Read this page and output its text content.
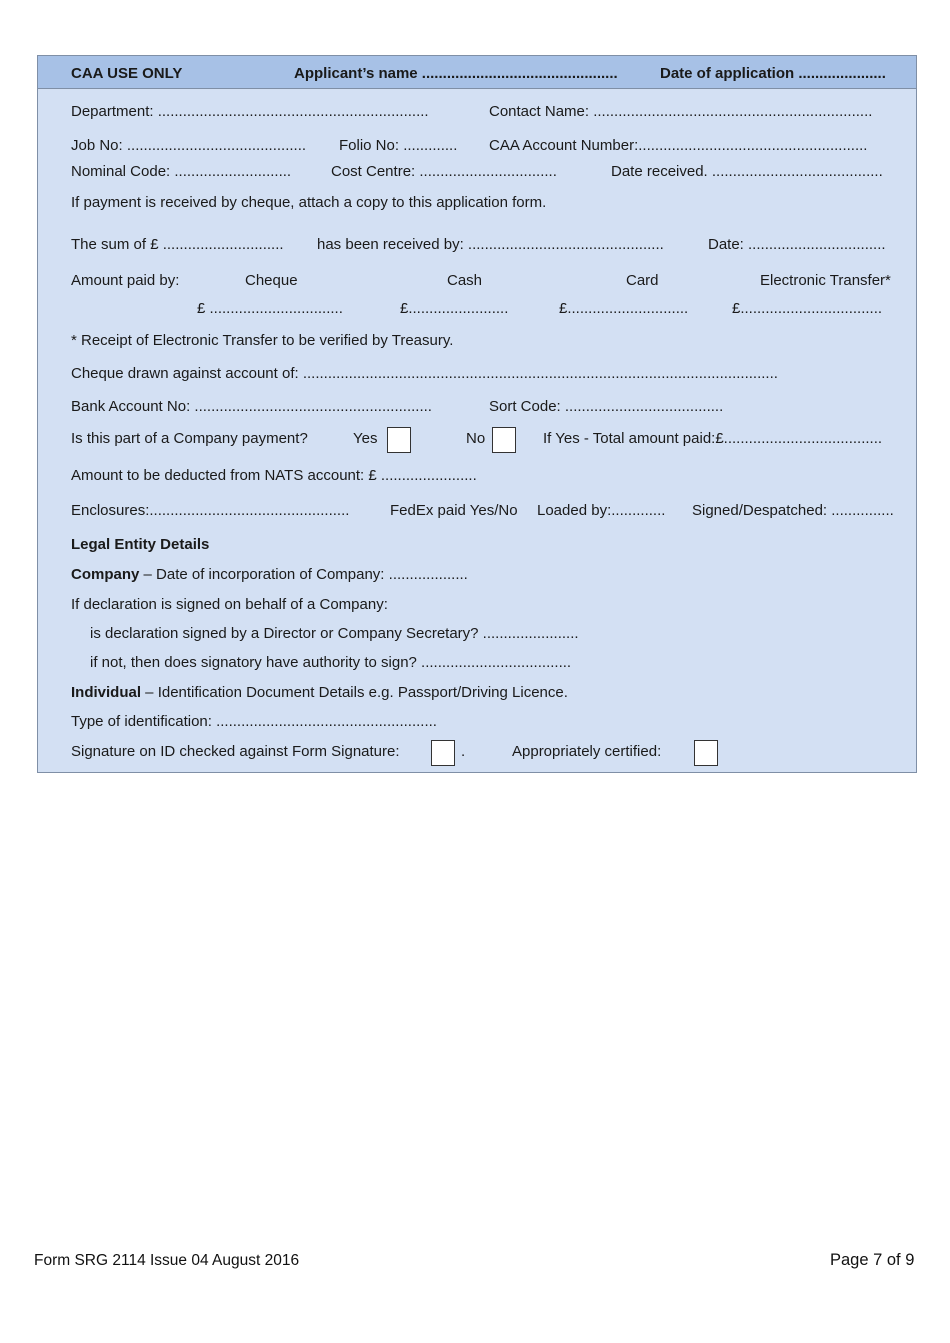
CAA USE ONLY	Applicant’s name ...............................................	Date of application .....................
Department: .................................................................	Contact Name: ...................................................................
Job No: ........................................... Folio No: ............. CAA Account Number:.......................................................
Nominal Code: ............................	Cost Centre: .................................	Date received. .........................................
If payment is received by cheque, attach a copy to this application form.
The sum of £ ............................. has been received by: ...............................................	Date: .................................
Amount paid by:	Cheque	Cash	Card	Electronic Transfer*
£ ................................	£........................	£.............................	£..................................
* Receipt of Electronic Transfer to be verified by Treasury.
Cheque drawn against account of: ..................................................................................................................
Bank Account No: .........................................................	Sort Code: ......................................
Is this part of a Company payment?	Yes	No	If Yes - Total amount paid:£......................................
Amount to be deducted from NATS account: £ .......................
Enclosures:................................................	FedEx paid Yes/No Loaded by:............. Signed/Despatched: ...............
Legal Entity Details
Company – Date of incorporation of Company: ...................
If declaration is signed on behalf of a Company:
is declaration signed by a Director or Company Secretary? .......................
if not, then does signatory have authority to sign? ....................................
Individual – Identification Document Details e.g. Passport/Driving Licence.
Type of identification: .....................................................
Signature on ID checked against Form Signature:	.	Appropriately certified:
Form SRG 2114 Issue 04 August 2016	Page 7 of 9
